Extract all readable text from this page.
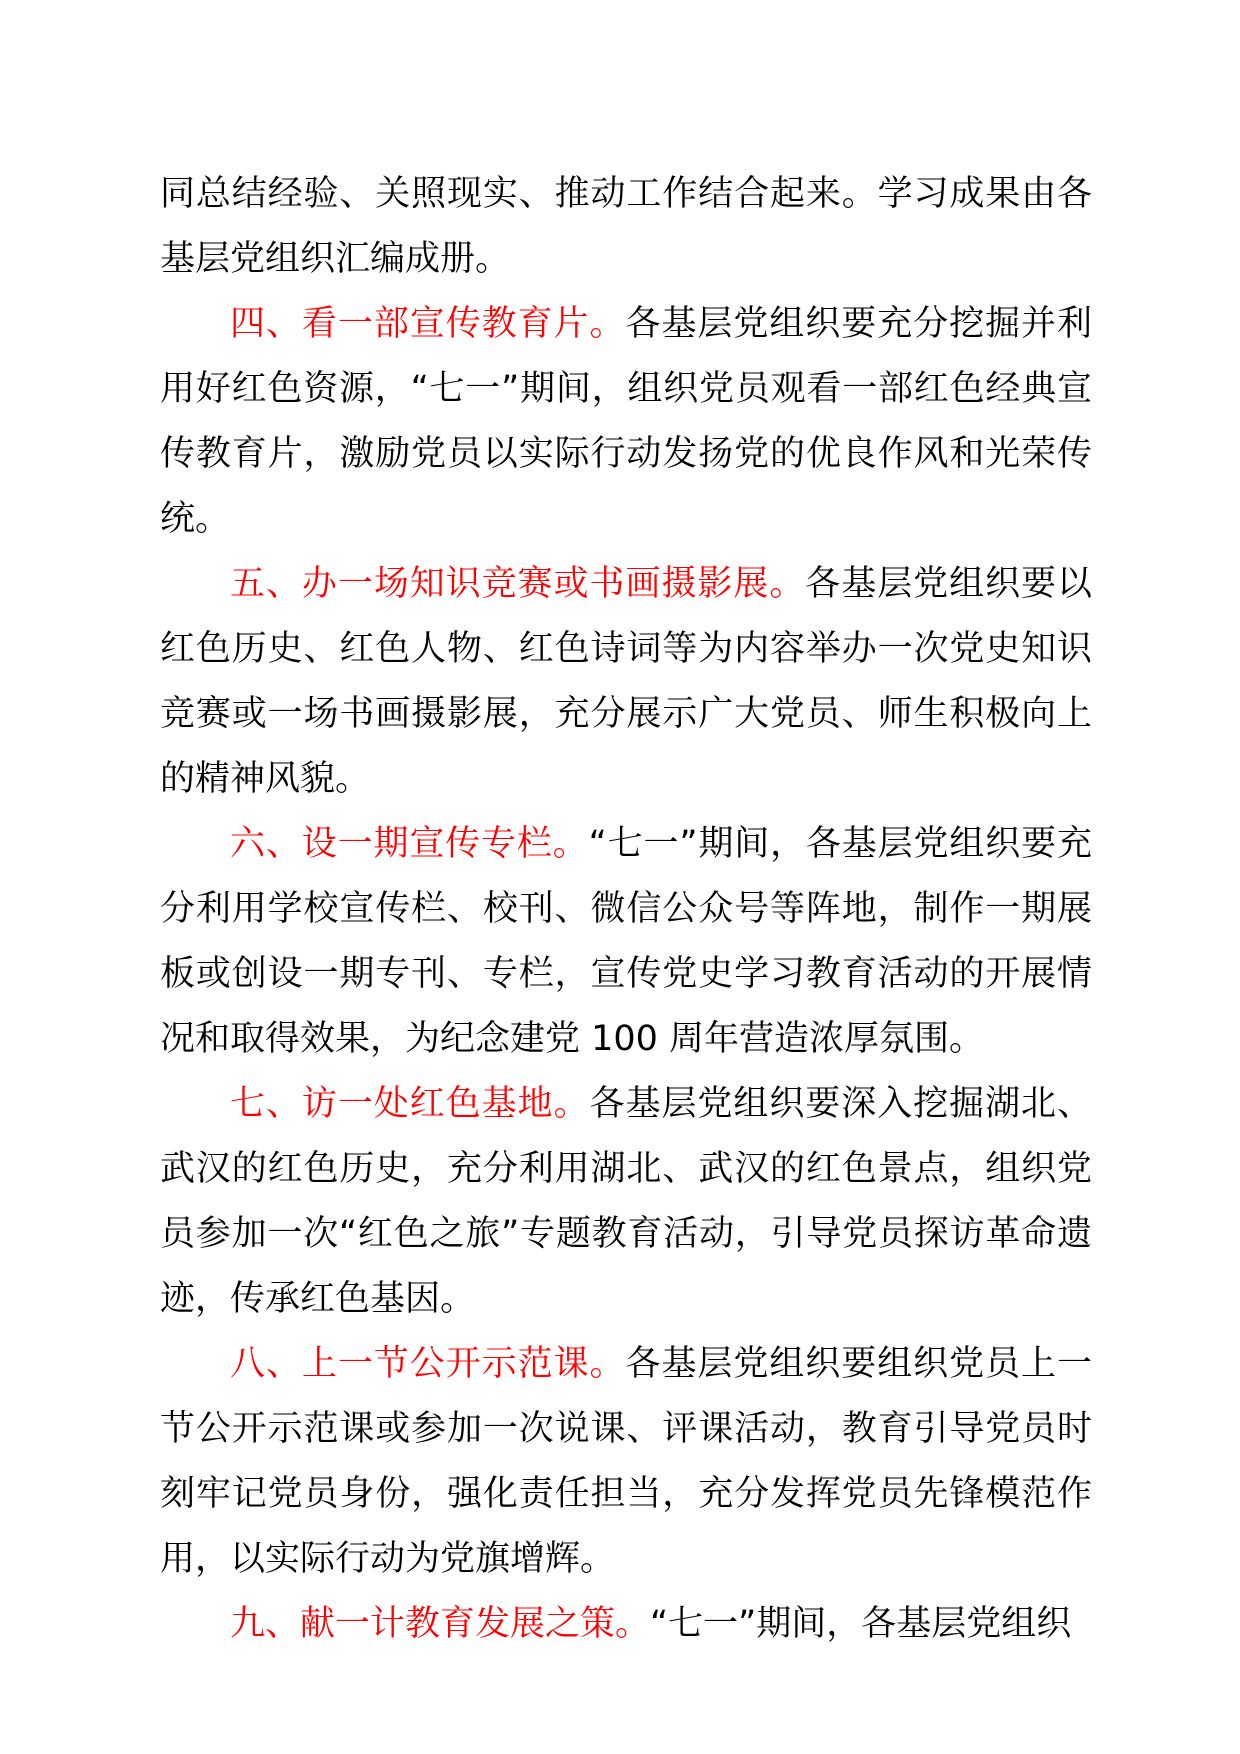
同总结经验、关照现实、推动工作结合起来。学习成果由各基层党组织汇编成册。

四、看一部宣传教育片。各基层党组织要充分挖掘并利用好红色资源，“七一”期间，组织党员观看一部红色经典宣传教育片，激励党员以实际行动发扬党的优良作风和光荣传统。

五、办一场知识竞赛或书画摄影展。各基层党组织要以红色历史、红色人物、红色诗词等为内容举办一次党史知识竞赛或一场书画摄影展，充分展示广大党员、师生积极向上的精神风貌。

六、设一期宣传专栏。“七一”期间，各基层党组织要充分利用学校宣传栏、校刊、微信公众号等阵地，制作一期展板或创设一期专刊、专栏，宣传党史学习教育活动的开展情况和取得效果，为纪念建党 100 周年营造浓厚氛围。

七、访一处红色基地。各基层党组织要深入挖掘湖北、武汉的红色历史，充分利用湖北、武汉的红色景点，组织党员参加一次“红色之旅”专题教育活动，引导党员探访革命遗迹，传承红色基因。

八、上一节公开示范课。各基层党组织要组织党员上一节公开示范课或参加一次说课、评课活动，教育引导党员时刻牢记党员身份，强化责任担当，充分发挥党员先锋模范作用，以实际行动为党旗增辉。

九、献一计教育发展之策。“七一”期间，各基层党组织
